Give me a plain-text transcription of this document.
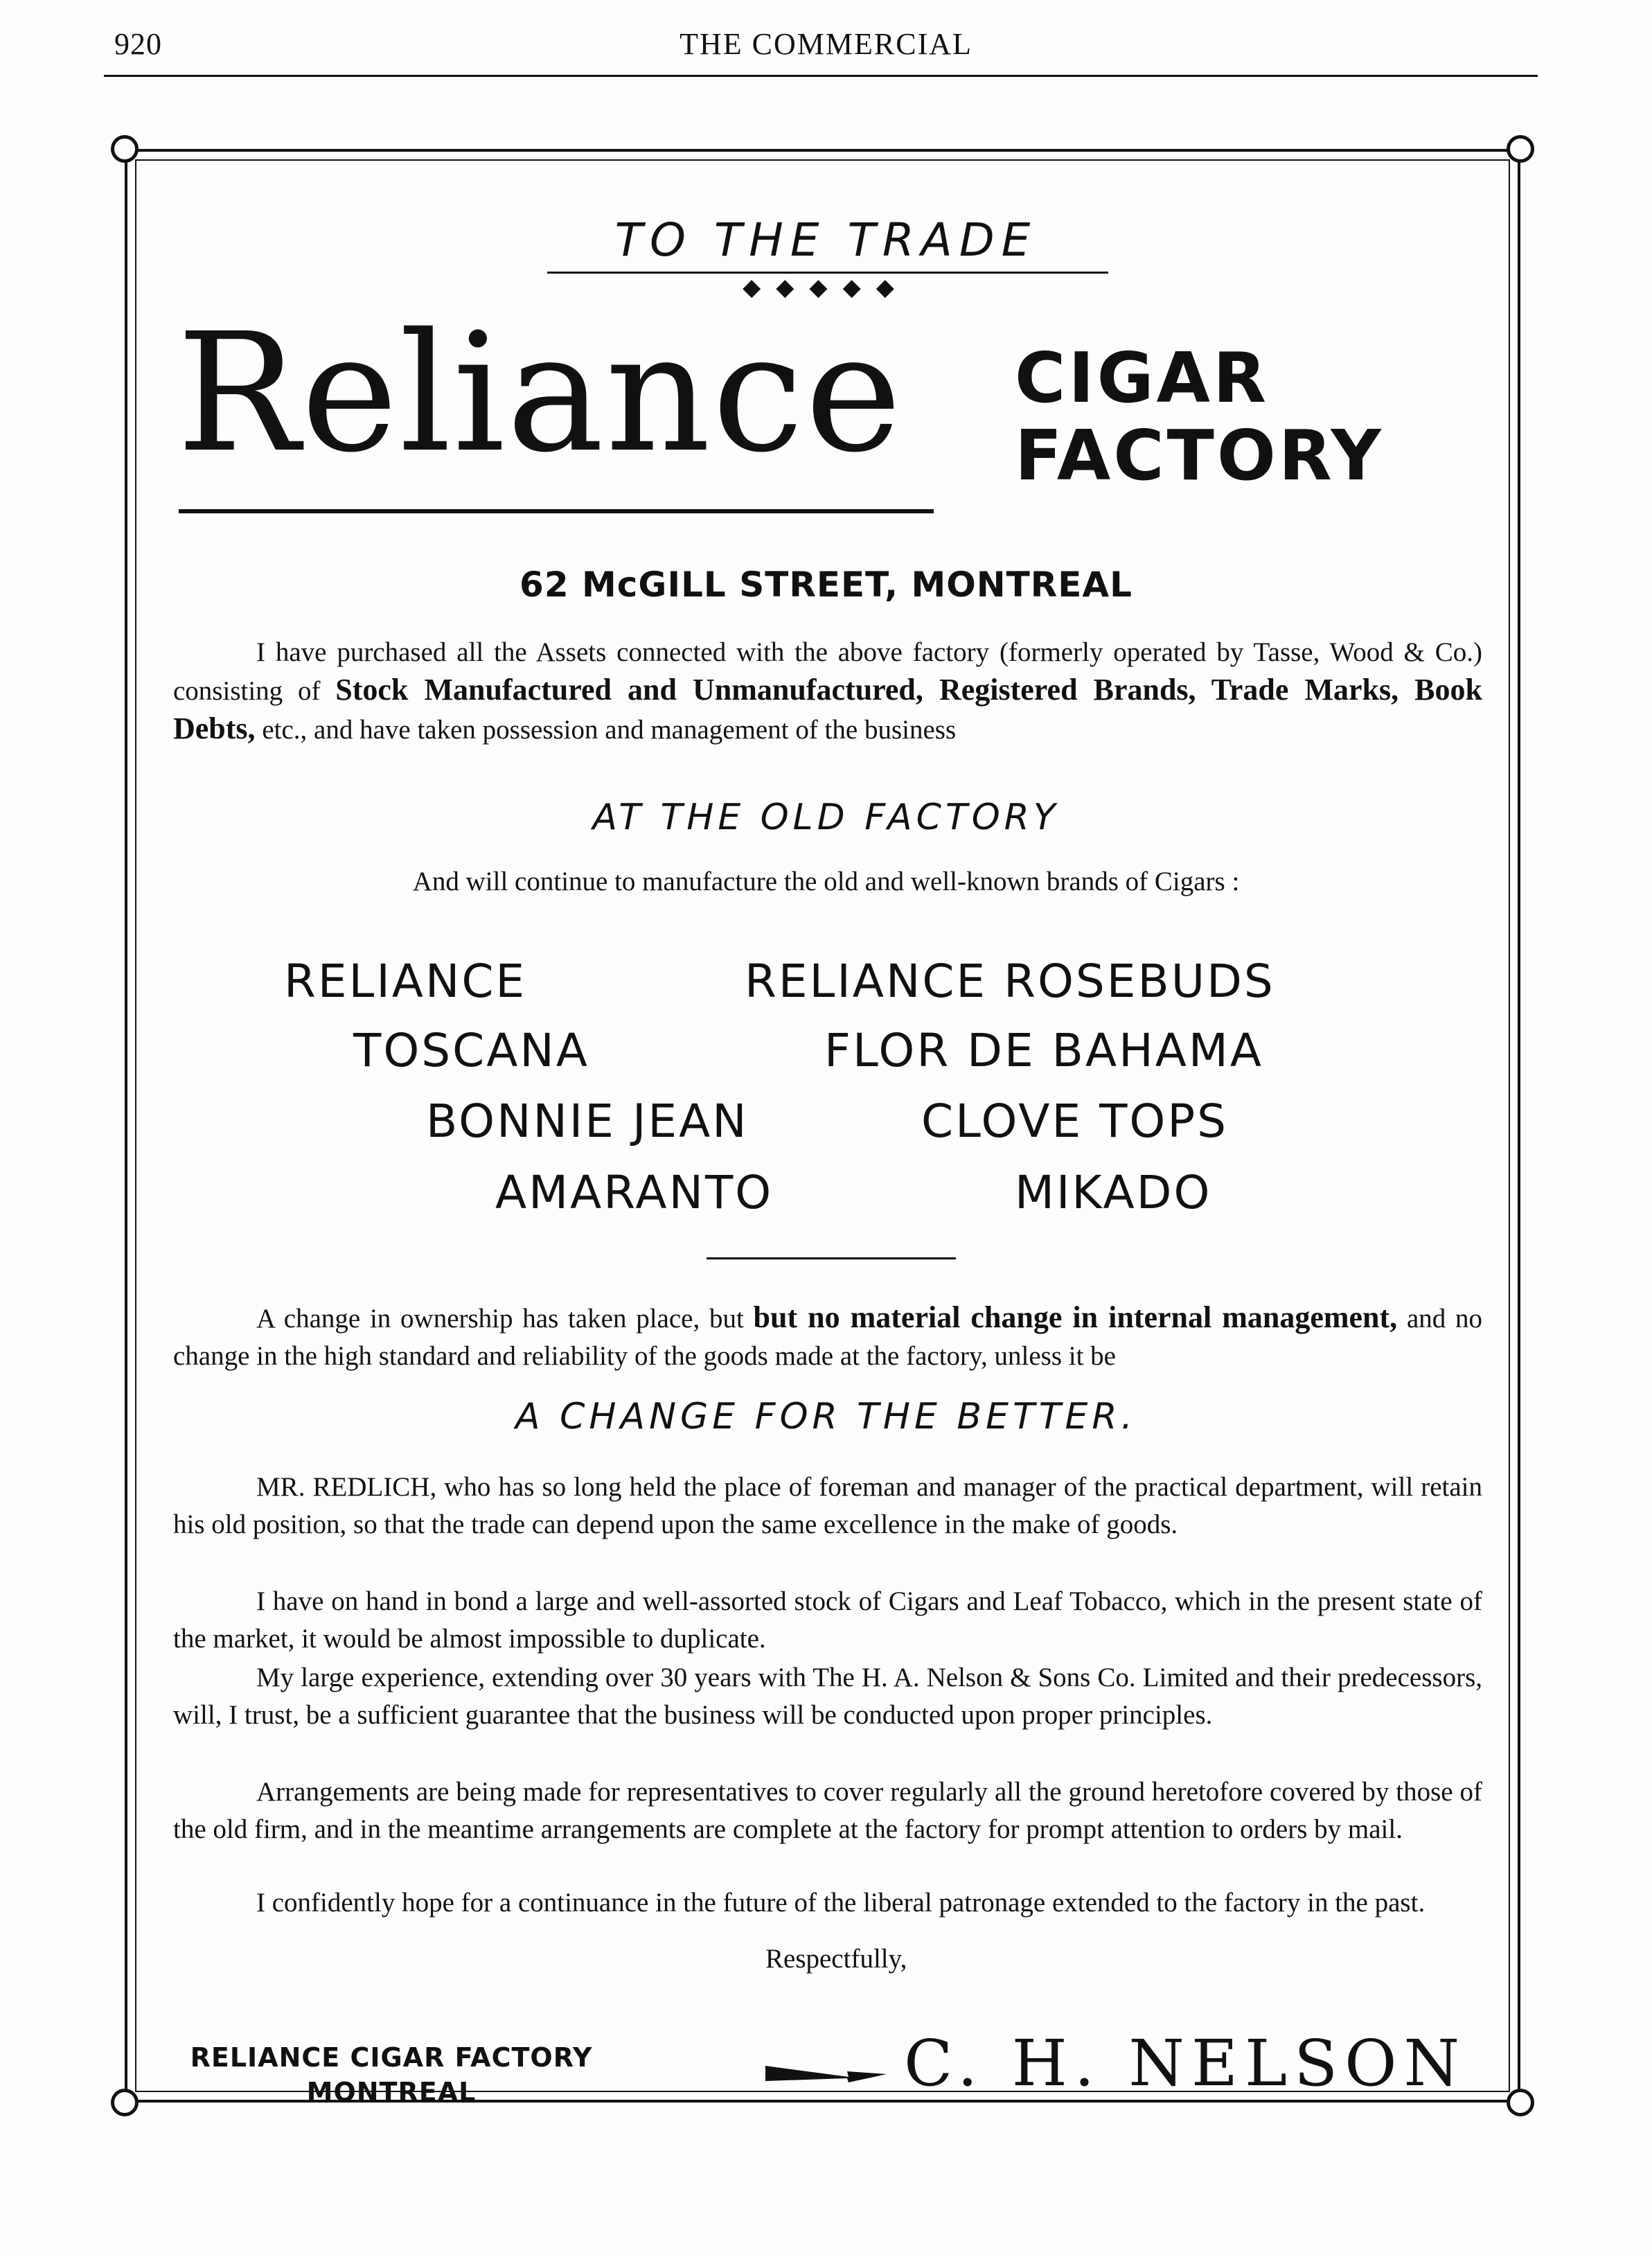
920	THE COMMERCIAL
TO THE TRADE
◆◆◆◆◆
Reliance CIGAR
FACTORY
62 McGILL STREET, MONTREAL
I have purchased all the Assets connected with the above factory (formerly operated by Tasse, Wood & Co.) consisting of Stock Manufactured and Unmanufactured, Registered Brands, Trade Marks, Book Debts, etc., and have taken possession and management of the business
AT THE OLD FACTORY
And will continue to manufacture the old and well-known brands of Cigars :
RELIANCE	RELIANCE ROSEBUDS
TOSCANA	FLOR DE BAHAMA
BONNIE JEAN	CLOVE TOPS
AMARANTO	MIKADO
A change in ownership has taken place, but but no material change in internal management, and no change in the high standard and reliability of the goods made at the factory, unless it be
A CHANGE FOR THE BETTER.
MR. REDLICH, who has so long held the place of foreman and manager of the practical department, will retain his old position, so that the trade can depend upon the same excellence in the make of goods.
I have on hand in bond a large and well-assorted stock of Cigars and Leaf Tobacco, which in the present state of the market, it would be almost impossible to duplicate.
My large experience, extending over 30 years with The H. A. Nelson & Sons Co. Limited and their predecessors, will, I trust, be a sufficient guarantee that the business will be conducted upon proper principles.
Arrangements are being made for representatives to cover regularly all the ground heretofore covered by those of the old firm, and in the meantime arrangements are complete at the factory for prompt attention to orders by mail.
I confidently hope for a continuance in the future of the liberal patronage extended to the factory in the past.
Respectfully,
RELIANCE CIGAR FACTORY
MONTREAL	C. H. NELSON
